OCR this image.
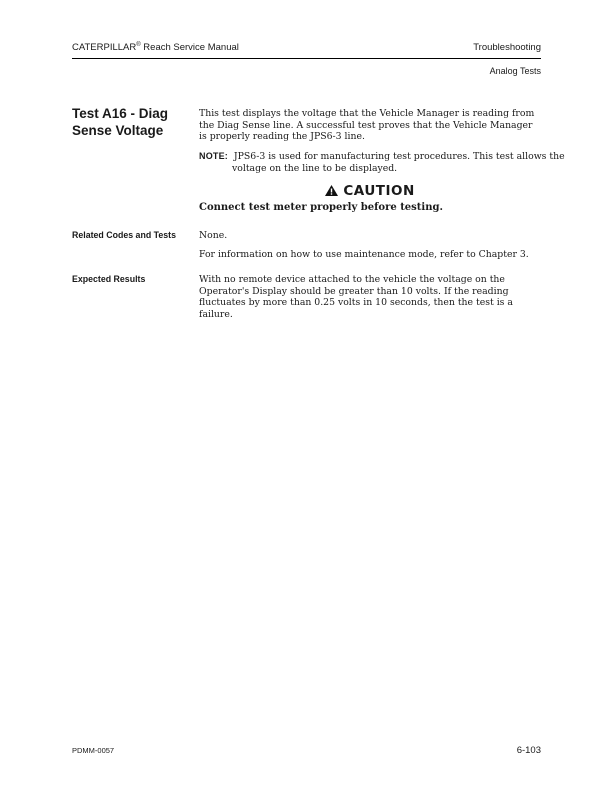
CATERPILLAR® Reach Service Manual	Troubleshooting
Analog Tests
Test A16 - Diag Sense Voltage
This test displays the voltage that the Vehicle Manager is reading from the Diag Sense line. A successful test proves that the Vehicle Manager is properly reading the JPS6-3 line.
NOTE: JPS6-3 is used for manufacturing test procedures. This test allows the voltage on the line to be displayed.
CAUTION
Connect test meter properly before testing.
Related Codes and Tests None.
For information on how to use maintenance mode, refer to Chapter 3.
Expected Results	With no remote device attached to the vehicle the voltage on the Operator's Display should be greater than 10 volts. If the reading fluctuates by more than 0.25 volts in 10 seconds, then the test is a failure.
PDMM-0057	6-103
